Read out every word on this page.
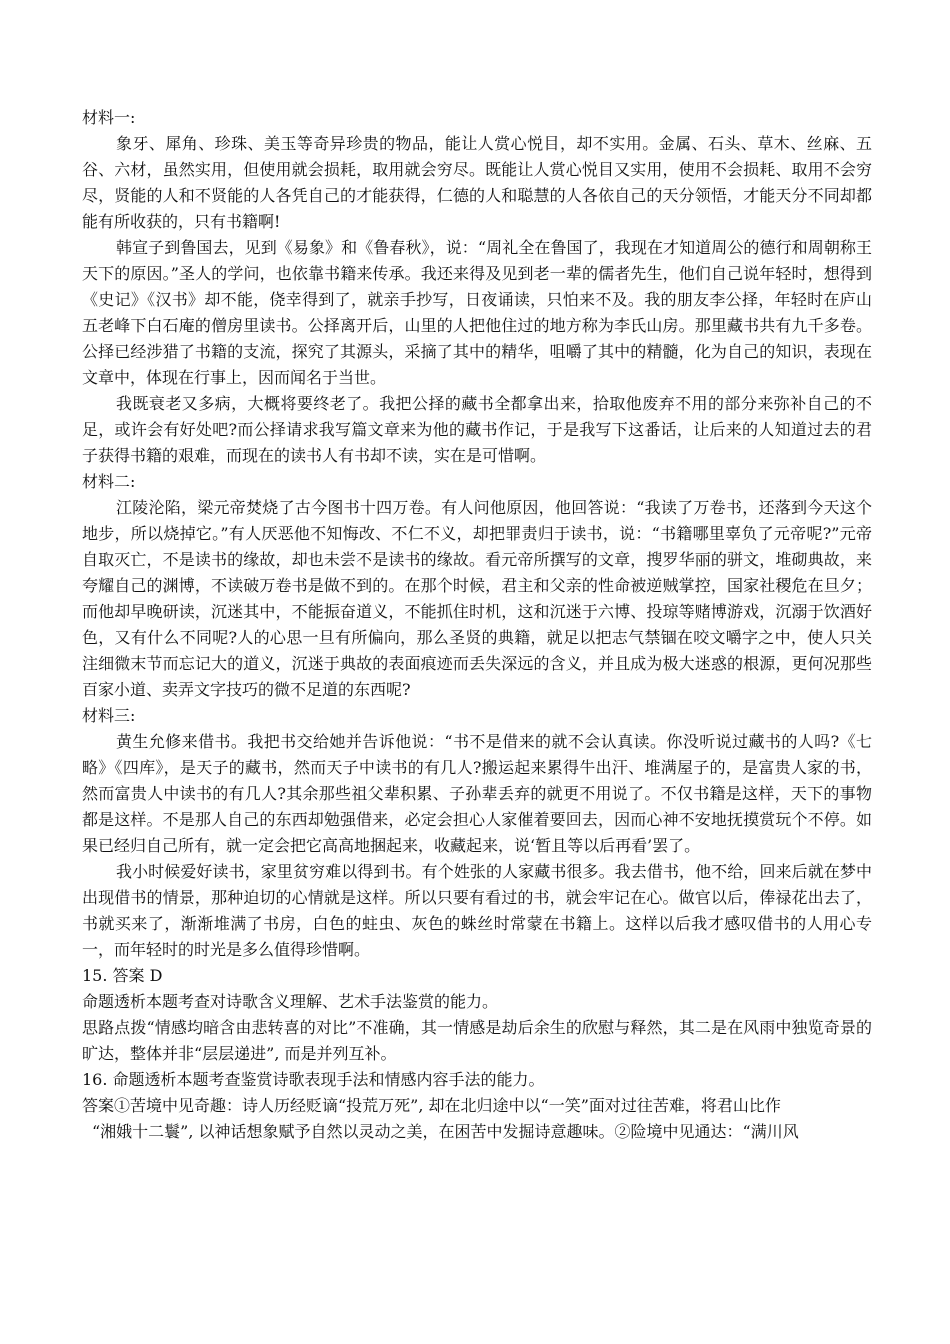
材料一:

象牙、犀角、珍珠、美玉等奇异珍贵的物品，能让人赏心悦目，却不实用。金属、石头、草木、丝麻、五谷、六材，虽然实用，但使用就会损耗，取用就会穷尽。既能让人赏心悦目又实用，使用不会损耗、取用不会穷尽，贤能的人和不贤能的人各凭自己的才能获得，仁德的人和聪慧的人各依自己的天分领悟，才能天分不同却都能有所收获的，只有书籍啊!

韩宣子到鲁国去，见到《易象》和《鲁春秋》，说：“周礼全在鲁国了，我现在才知道周公的德行和周朝称王天下的原因。”圣人的学问，也依靠书籍来传承。我还来得及见到老一辈的儒者先生，他们自己说年轻时，想得到《史记》《汉书》却不能，侥幸得到了，就亲手抄写，日夜诵读，只怕来不及。我的朋友李公择，年轻时在庐山五老峰下白石庵的僧房里读书。公择离开后，山里的人把他住过的地方称为李氏山房。那里藏书共有九千多卷。公择已经涉猎了书籍的支流，探究了其源头，采摘了其中的精华，咀嚼了其中的精髓，化为自己的知识，表现在文章中，体现在行事上，因而闻名于当世。

我既衰老又多病，大概将要终老了。我把公择的藏书全都拿出来，拾取他废弃不用的部分来弥补自己的不足，或许会有好处吧?而公择请求我写篇文章来为他的藏书作记，于是我写下这番话，让后来的人知道过去的君子获得书籍的艰难，而现在的读书人有书却不读，实在是可惜啊。

材料二:

江陵沦陷，梁元帝焚烧了古今图书十四万卷。有人问他原因，他回答说：“我读了万卷书，还落到今天这个地步，所以烧掉它。”有人厌恶他不知悔改、不仁不义，却把罪责归于读书，说：“书籍哪里辜负了元帝呢?”元帝自取灭亡，不是读书的缘故，却也未尝不是读书的缘故。看元帝所撰写的文章，搜罗华丽的骈文，堆砌典故，来夸耀自己的渊博，不读破万卷书是做不到的。在那个时候，君主和父亲的性命被逆贼掌控，国家社稷危在旦夕；而他却早晚研读，沉迷其中，不能振奋道义，不能抓住时机，这和沉迷于六博、投琼等赌博游戏，沉溺于饮酒好色，又有什么不同呢?人的心思一旦有所偏向，那么圣贤的典籍，就足以把志气禁锢在咬文嚼字之中，使人只关注细微末节而忘记大的道义，沉迷于典故的表面痕迹而丢失深远的含义，并且成为极大迷惑的根源，更何况那些百家小道、卖弄文字技巧的微不足道的东西呢?

材料三:

黄生允修来借书。我把书交给她并告诉他说：“书不是借来的就不会认真读。你没听说过藏书的人吗?《七略》《四库》，是天子的藏书，然而天子中读书的有几人?搬运起来累得牛出汗、堆满屋子的，是富贵人家的书，然而富贵人中读书的有几人?其余那些祖父辈积累、子孙辈丢弃的就更不用说了。不仅书籍是这样，天下的事物都是这样。不是那人自己的东西却勉强借来，必定会担心人家催着要回去，因而心神不安地抚摸赏玩个不停。如果已经归自己所有，就一定会把它高高地捆起来，收藏起来，说‘暂且等以后再看’罢了。

我小时候爱好读书，家里贫穷难以得到书。有个姓张的人家藏书很多。我去借书，他不给，回来后就在梦中出现借书的情景，那种迫切的心情就是这样。所以只要有看过的书，就会牢记在心。做官以后，俸禄花出去了，书就买来了，渐渐堆满了书房，白色的蛀虫、灰色的蛛丝时常蒙在书籍上。这样以后我才感叹借书的人用心专一，而年轻时的时光是多么值得珍惜啊。

15. 答案 D

命题透析本题考查对诗歌含义理解、艺术手法鉴赏的能力。

思路点拨“情感均暗含由悲转喜的对比”不准确，其一情感是劫后余生的欣慰与释然，其二是在风雨中独览奇景的旷达，整体并非“层层递进”, 而是并列互补。

16. 命题透析本题考查鉴赏诗歌表现手法和情感内容手法的能力。

答案①苦境中见奇趣：诗人历经贬谪“投荒万死”, 却在北归途中以“一笑”面对过往苦难，将君山比作

“湘娥十二鬟”, 以神话想象赋予自然以灵动之美，在困苦中发掘诗意趣味。②险境中见通达：“满川风
